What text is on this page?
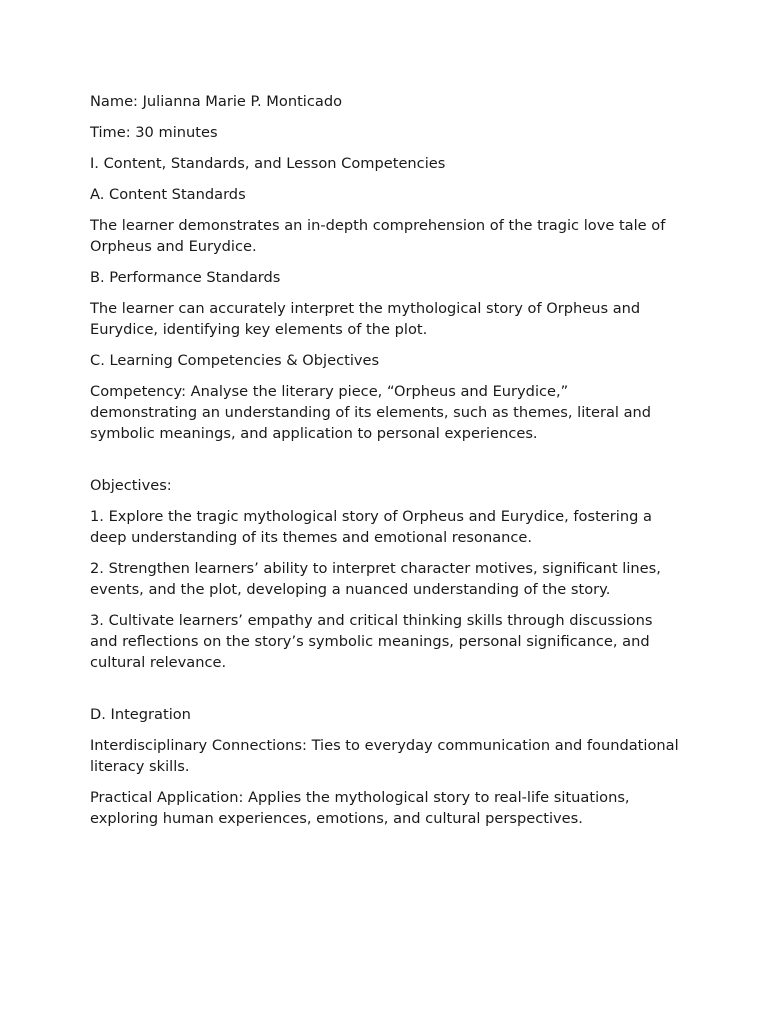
Name: Julianna Marie P. Monticado

Time: 30 minutes

I. Content, Standards, and Lesson Competencies

A. Content Standards

The learner demonstrates an in-depth comprehension of the tragic love tale of Orpheus and Eurydice.

B. Performance Standards

The learner can accurately interpret the mythological story of Orpheus and Eurydice, identifying key elements of the plot.

C. Learning Competencies & Objectives

Competency: Analyse the literary piece, “Orpheus and Eurydice,” demonstrating an understanding of its elements, such as themes, literal and symbolic meanings, and application to personal experiences.

Objectives:

1. Explore the tragic mythological story of Orpheus and Eurydice, fostering a deep understanding of its themes and emotional resonance.

2. Strengthen learners’ ability to interpret character motives, significant lines, events, and the plot, developing a nuanced understanding of the story.

3. Cultivate learners’ empathy and critical thinking skills through discussions and reflections on the story’s symbolic meanings, personal significance, and cultural relevance.

D. Integration

Interdisciplinary Connections: Ties to everyday communication and foundational literacy skills.

Practical Application: Applies the mythological story to real-life situations, exploring human experiences, emotions, and cultural perspectives.
